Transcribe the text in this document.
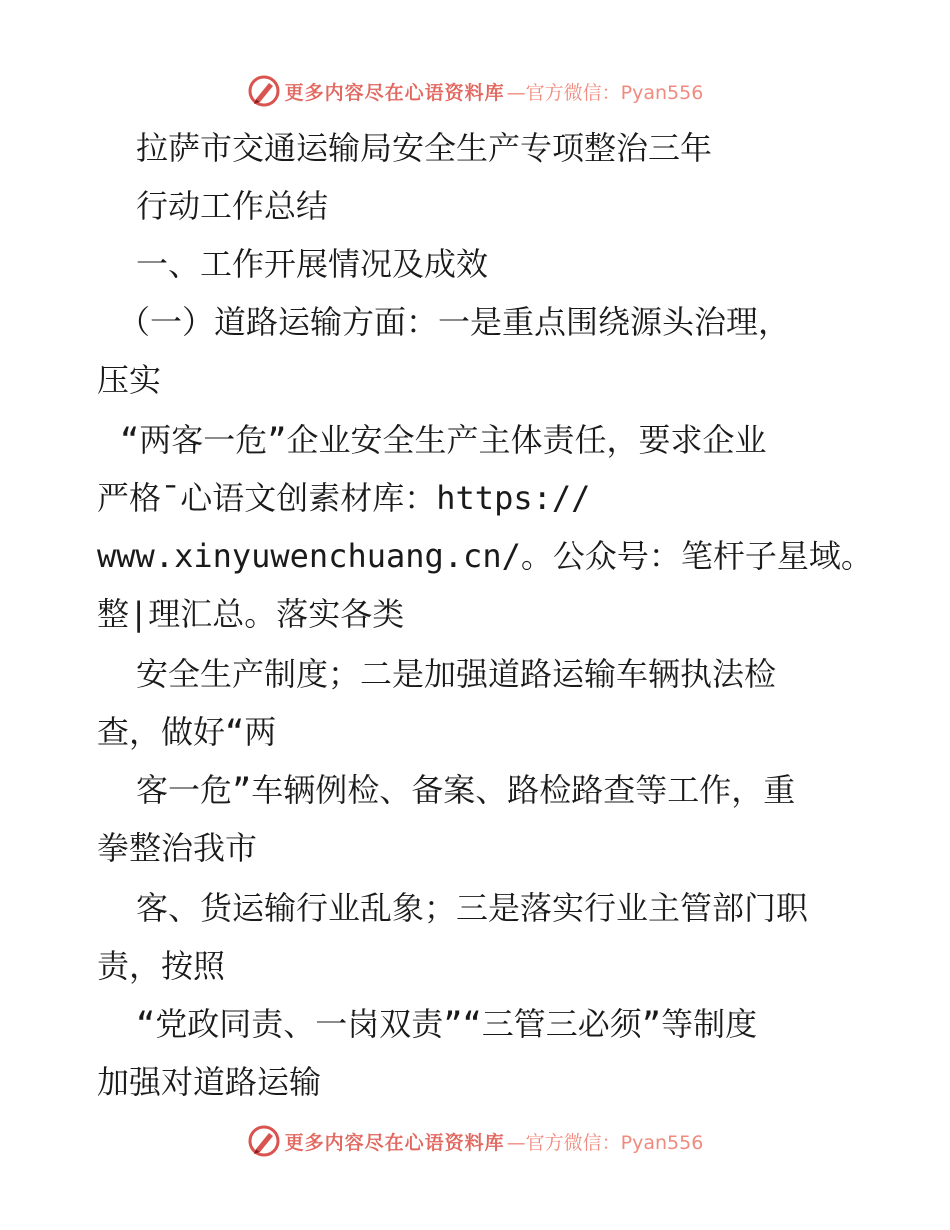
更多内容尽在心语资料库 —官方微信：Pyan556
拉萨市交通运输局安全生产专项整治三年
行动工作总结
一、工作开展情况及成效
（一）道路运输方面：一是重点围绕源头治理，
压实
“两客一危”企业安全生产主体责任，要求企业
严格¯心语文创素材库：https://
www.xinyuwenchuang.cn/。公众号：笔杆子星域。
整|理汇总。落实各类
安全生产制度；二是加强道路运输车辆执法检
查，做好“两
客一危”车辆例检、备案、路检路查等工作，重
拳整治我市
客、货运输行业乱象；三是落实行业主管部门职
责，按照
“党政同责、一岗双责”“三管三必须”等制度
加强对道路运输
更多内容尽在心语资料库 —官方微信：Pyan556
